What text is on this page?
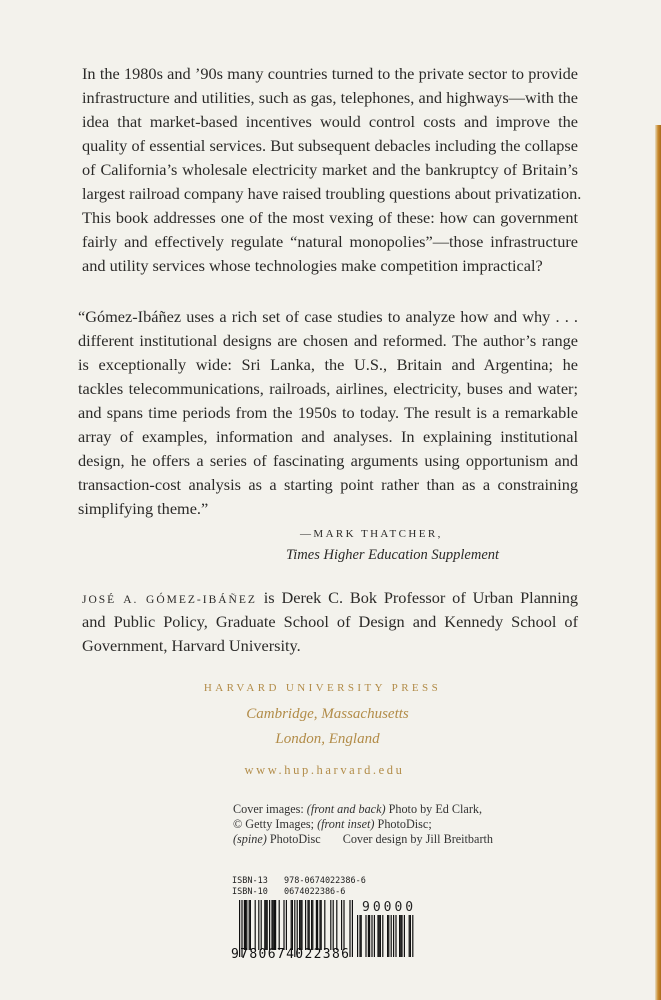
In the 1980s and ’90s many countries turned to the private sector to provide
infrastructure and utilities, such as gas, telephones, and highways—with the
idea that market-based incentives would control costs and improve the
quality of essential services. But subsequent debacles including the collapse
of California’s wholesale electricity market and the bankruptcy of Britain’s
largest railroad company have raised troubling questions about privatization.
This book addresses one of the most vexing of these: how can government
fairly and effectively regulate “natural monopolies”—those infrastructure
and utility services whose technologies make competition impractical?
“Gómez-Ibáñez uses a rich set of case studies to analyze how and why . . .
different institutional designs are chosen and reformed. The author’s range
is exceptionally wide: Sri Lanka, the U.S., Britain and Argentina; he
tackles telecommunications, railroads, airlines, electricity, buses and water;
and spans time periods from the 1950s to today. The result is a remarkable
array of examples, information and analyses. In explaining institutional
design, he offers a series of fascinating arguments using opportunism and
transaction-cost analysis as a starting point rather than as a constraining
simplifying theme.”
—MARK THATCHER,
Times Higher Education Supplement
JOSÉ A. GÓMEZ-IBÁÑEZ is Derek C. Bok Professor of Urban Planning
and Public Policy, Graduate School of Design and Kennedy School of
Government, Harvard University.
HARVARD UNIVERSITY PRESS
Cambridge, Massachusetts
London, England
www.hup.harvard.edu
Cover images: (front and back) Photo by Ed Clark,
© Getty Images; (front inset) PhotoDisc;
(spine) PhotoDisc Cover design by Jill Breitbarth
ISBN-13 978-0674022386-6
ISBN-10 0674022386-6
90000
9780674022386
